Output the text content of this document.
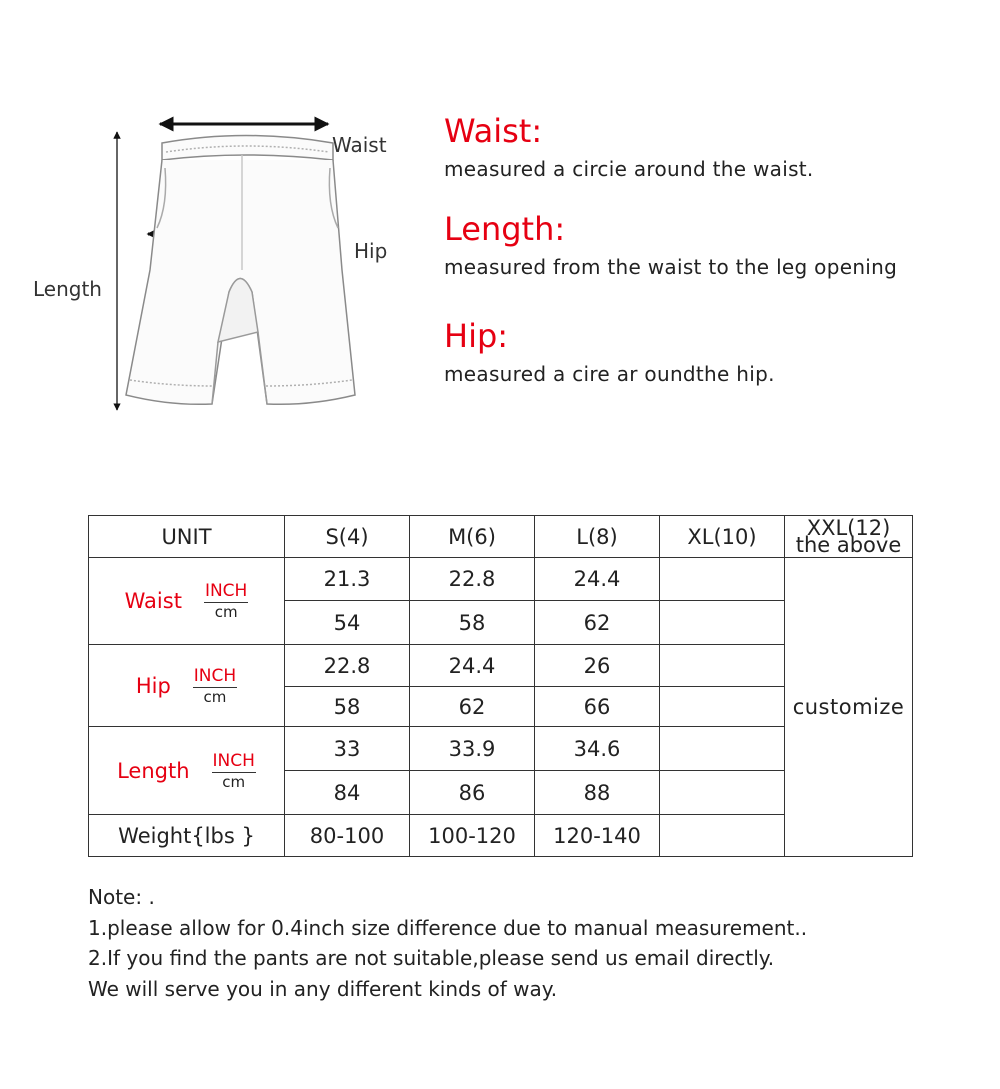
Waist
Hip
Length
Waist:
measured a circie around the waist.
Length:
measured from the waist to the leg opening
Hip:
measured a cire ar oundthe hip.
UNIT	S(4)	M(6)	L(8)	XL(10)	XXL(12)
the above

Waist $\frac{\text{INCH}}{cm}$	21.3	22.8	24.4		customize
	54	58	62		

Hip $\frac{\text{INCH}}{cm}$	22.8	24.4	26		
	58	62	66		

Length $\frac{\text{INCH}}{cm}$	33	33.9	34.6		
	84	86	88		
Weight{lbs }	80-100	100-120	120-140		
Note: .
1.please allow for 0.4inch size difference due to manual measurement..
2.If you find the pants are not suitable,please send us email directly.
We will serve you in any different kinds of way.
